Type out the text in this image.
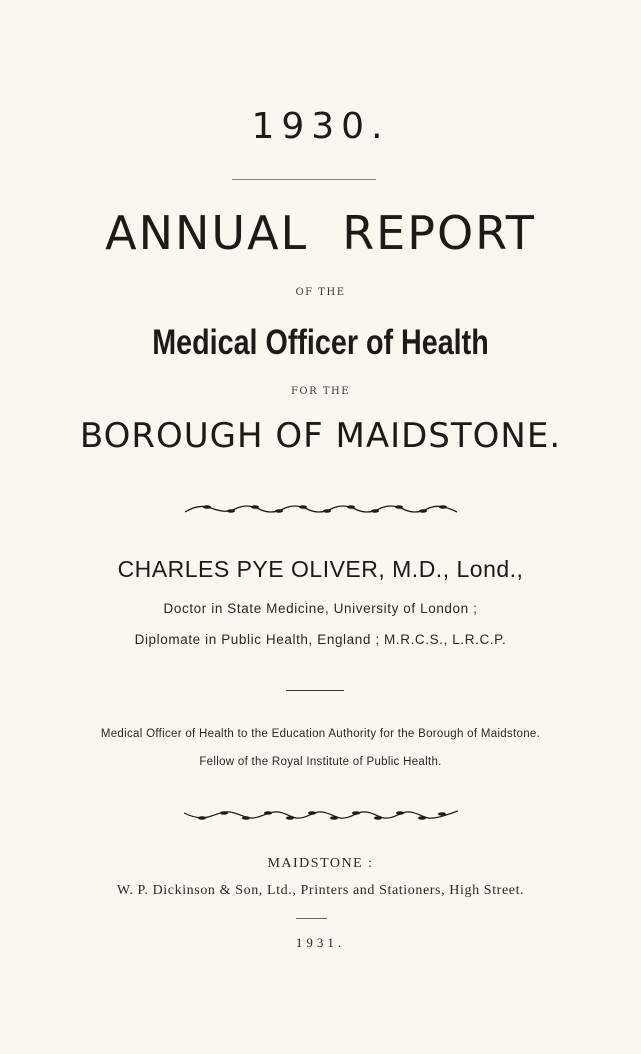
1930.
ANNUAL REPORT
OF THE
Medical Officer of Health
FOR THE
BOROUGH OF MAIDSTONE.
CHARLES PYE OLIVER, M.D., Lond.,
Doctor in State Medicine, University of London ;
Diplomate in Public Health, England ; M.R.C.S., L.R.C.P.
Medical Officer of Health to the Education Authority for the Borough of Maidstone.
Fellow of the Royal Institute of Public Health.
MAIDSTONE :
W. P. Dickinson & Son, Ltd., Printers and Stationers, High Street.
1931.
